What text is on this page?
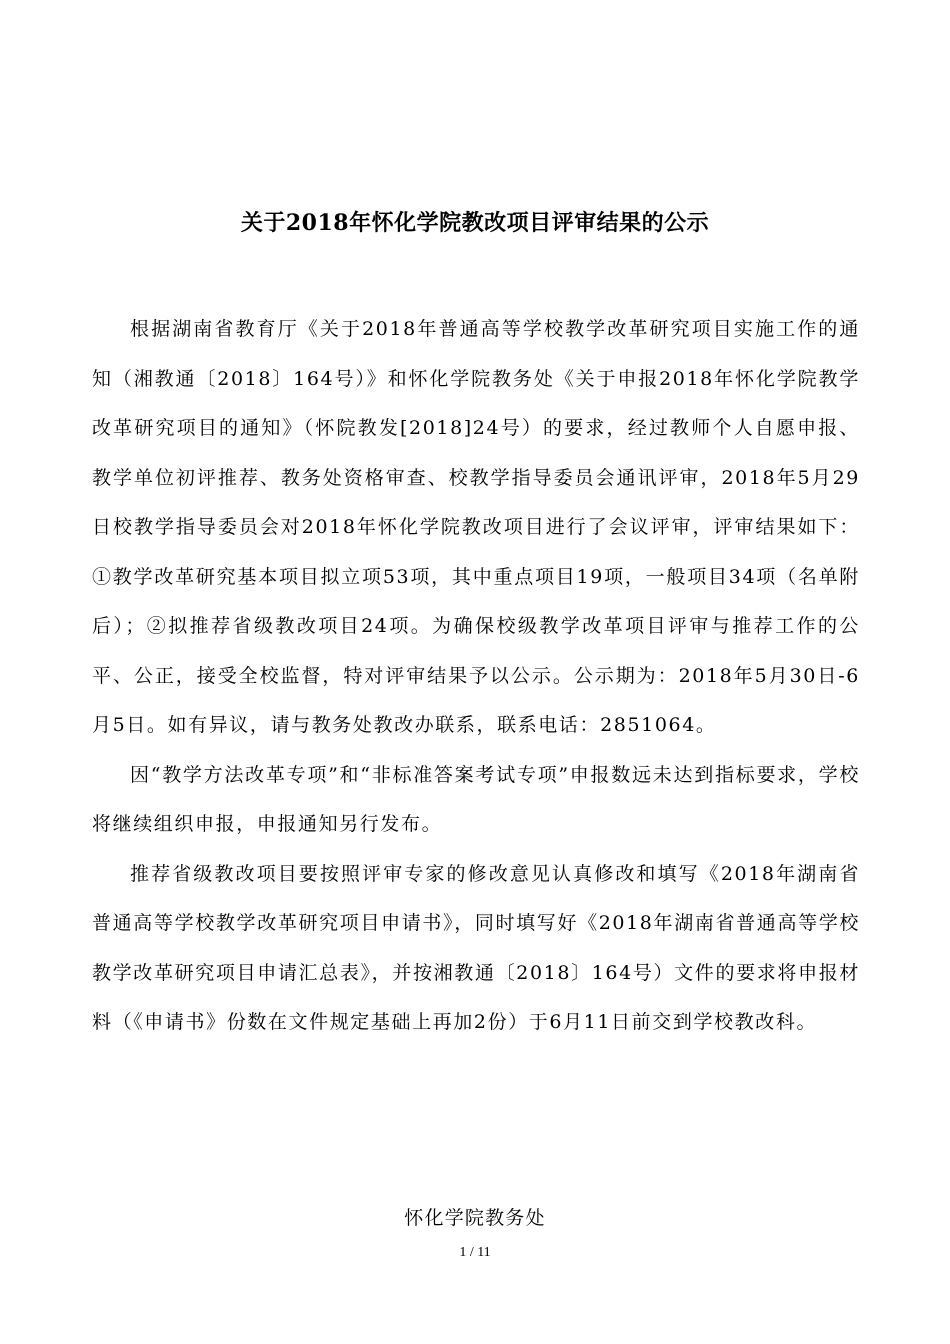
关于2018年怀化学院教改项目评审结果的公示

根据湖南省教育厅《关于2018年普通高等学校教学改革研究项目实施工作的通知（湘教通〔2018〕164号）》和怀化学院教务处《关于申报2018年怀化学院教学改革研究项目的通知》（怀院教发[2018]24号）的要求，经过教师个人自愿申报、教学单位初评推荐、教务处资格审查、校教学指导委员会通讯评审，2018年5月29日校教学指导委员会对2018年怀化学院教改项目进行了会议评审，评审结果如下：①教学改革研究基本项目拟立项53项，其中重点项目19项，一般项目34项（名单附后）；②拟推荐省级教改项目24项。为确保校级教学改革项目评审与推荐工作的公平、公正，接受全校监督，特对评审结果予以公示。公示期为：2018年5月30日-6月5日。如有异议，请与教务处教改办联系，联系电话：2851064。

因“教学方法改革专项”和“非标准答案考试专项”申报数远未达到指标要求，学校将继续组织申报，申报通知另行发布。

推荐省级教改项目要按照评审专家的修改意见认真修改和填写《2018年湖南省普通高等学校教学改革研究项目申请书》，同时填写好《2018年湖南省普通高等学校教学改革研究项目申请汇总表》，并按湘教通〔2018〕164号）文件的要求将申报材料（《申请书》份数在文件规定基础上再加2份）于6月11日前交到学校教改科。

怀化学院教务处
1 / 11
